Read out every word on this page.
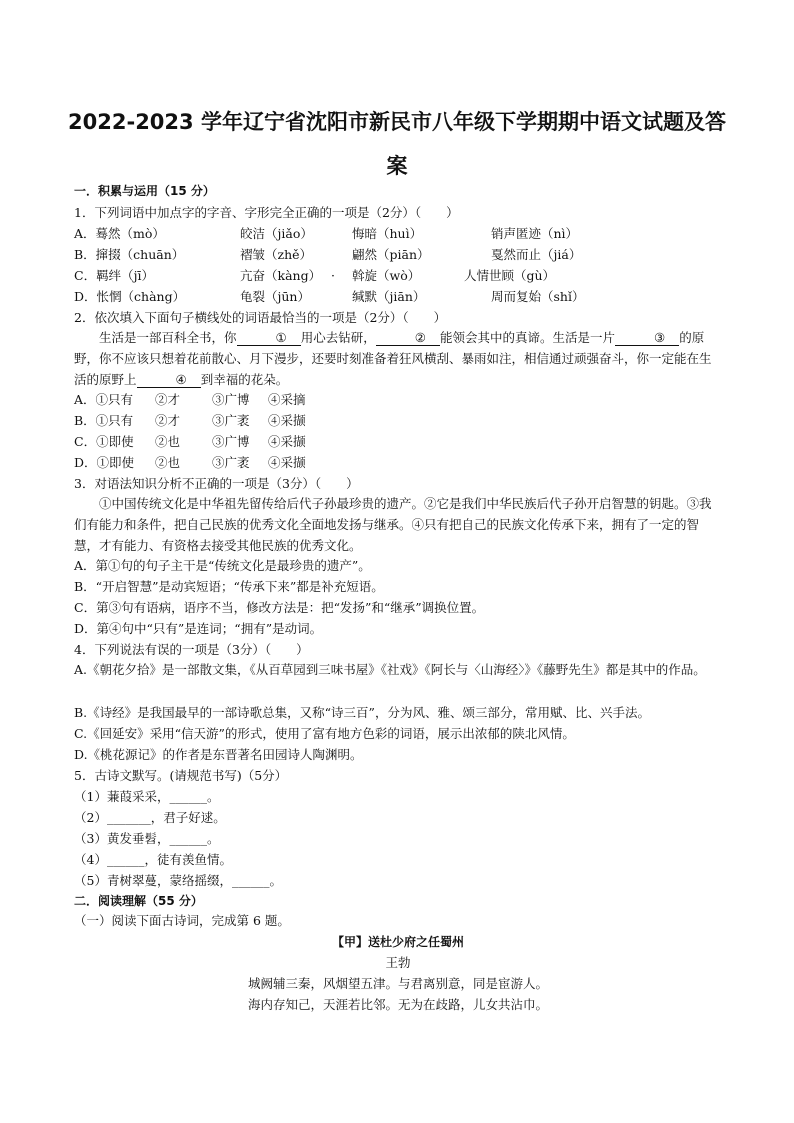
2022-2023 学年辽宁省沈阳市新民市八年级下学期期中语文试题及答
案
一．积累与运用（15 分）
1．下列词语中加点字的字音、字形完全正确的一项是（2分）（　　）
A．蓦然（mò）	皎洁（jiǎo）	悔暗（huì）	销声匿迹（nì）
B．撺掇（chuān）	褶皱（zhě）	翩然（piān）	戛然而止（jiá）
C．羁绊（jī）	亢奋（kàng） · 斡旋（wò）	人情世顾（gù）
D．怅惘（chàng）	龟裂（jūn）	缄默（jiān）	周而复始（shǐ）
2．依次填入下面句子横线处的词语最恰当的一项是（2分）（　　）
生活是一部百科全书，你	① 用心去钻研，	② 能领会其中的真谛。生活是一片	③ 的原野，你不应该只想着花前散心、月下漫步，还要时刻准备着狂风横刮、暴雨如注，相信通过顽强奋斗，你一定能在生活的原野上	④ 到幸福的花朵。
A．①只有 ②才	③广博 ④采摘
B．①只有 ②才	③广袤 ④采撷
C．①即使 ②也	③广博 ④采撷
D．①即使 ②也	③广袤 ④采撷
3．对语法知识分析不正确的一项是（3分）（　　）
①中国传统文化是中华祖先留传给后代子孙最珍贵的遗产。②它是我们中华民族后代子孙开启智慧的钥匙。③我们有能力和条件，把自己民族的优秀文化全面地发扬与继承。④只有把自己的民族文化传承下来，拥有了一定的智慧，才有能力、有资格去接受其他民族的优秀文化。
A．第①句的句子主干是“传统文化是最珍贵的遗产”。
B．“开启智慧”是动宾短语；“传承下来”都是补充短语。
C．第③句有语病，语序不当，修改方法是：把“发扬”和“继承”调换位置。
D．第④句中“只有”是连词；“拥有”是动词。
4．下列说法有误的一项是（3分）（　　）
A.《朝花夕拾》是一部散文集，《从百草园到三味书屋》《社戏》《阿长与〈山海经〉》《藤野先生》都是其中的作品。
B.《诗经》是我国最早的一部诗歌总集，又称“诗三百”，分为风、雅、颂三部分，常用赋、比、兴手法。
C.《回延安》采用“信天游”的形式，使用了富有地方色彩的词语，展示出浓郁的陕北风情。
D.《桃花源记》的作者是东晋著名田园诗人陶渊明。
5．古诗文默写。(请规范书写)（5分）
（1）蒹葭采采，______。
（2）_______，君子好逑。
（3）黄发垂髫，______。
（4）______，徒有羡鱼情。
（5）青树翠蔓，蒙络摇缀，______。
二．阅读理解（55 分）
（一）阅读下面古诗词，完成第 6 题。
【甲】送杜少府之任蜀州
王勃
城阙辅三秦，风烟望五津。与君离别意，同是宦游人。
海内存知己，天涯若比邻。无为在歧路，儿女共沾巾。
